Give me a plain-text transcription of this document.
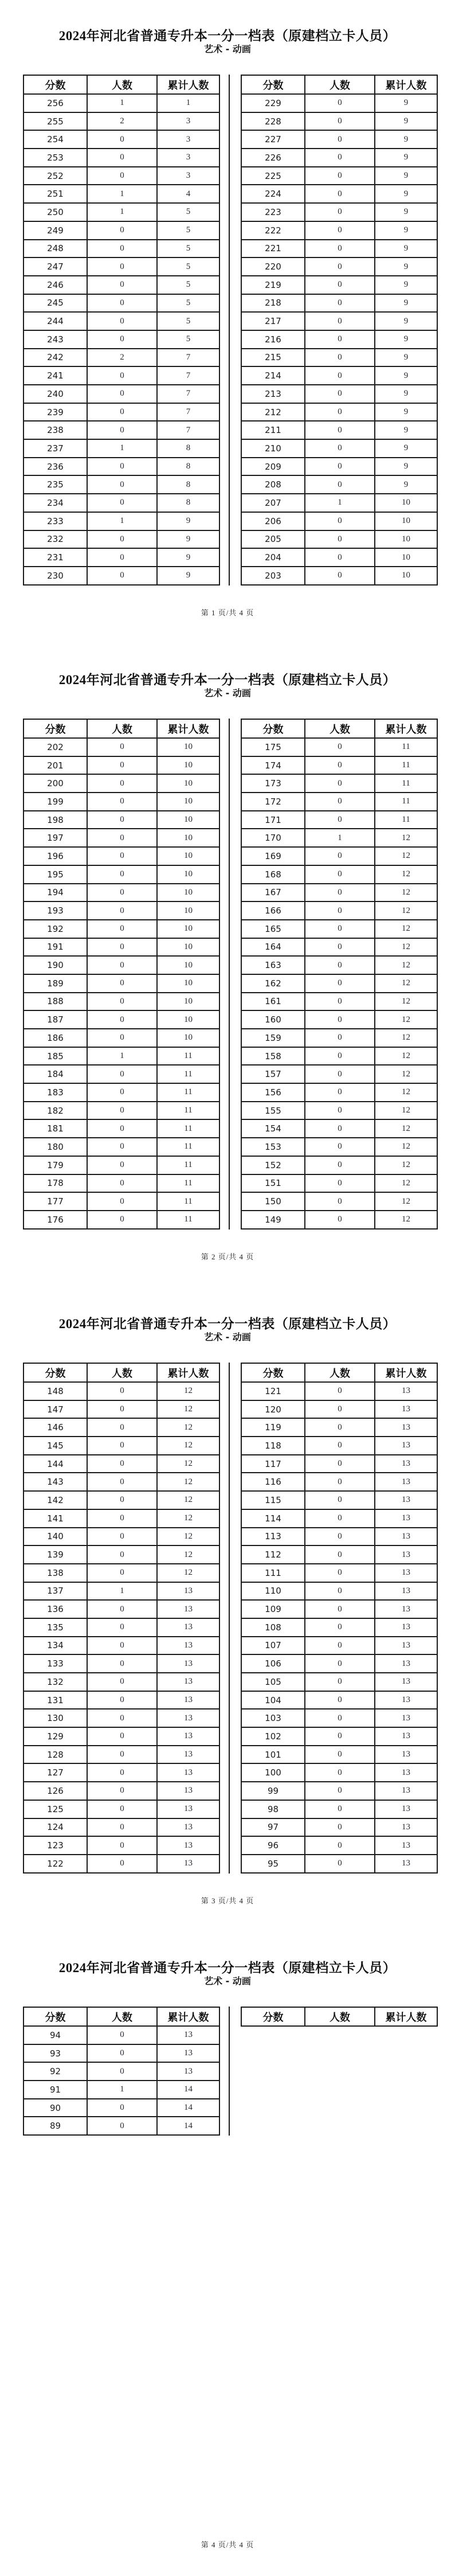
2024年河北省普通专升本一分一档表（原建档立卡人员）
艺术 - 动画
分数	人数	累计人数
256	1	1
255	2	3
254	0	3
253	0	3
252	0	3
251	1	4
250	1	5
249	0	5
248	0	5
247	0	5
246	0	5
245	0	5
244	0	5
243	0	5
242	2	7
241	0	7
240	0	7
239	0	7
238	0	7
237	1	8
236	0	8
235	0	8
234	0	8
233	1	9
232	0	9
231	0	9
230	0	9
分数	人数	累计人数
229	0	9
228	0	9
227	0	9
226	0	9
225	0	9
224	0	9
223	0	9
222	0	9
221	0	9
220	0	9
219	0	9
218	0	9
217	0	9
216	0	9
215	0	9
214	0	9
213	0	9
212	0	9
211	0	9
210	0	9
209	0	9
208	0	9
207	1	10
206	0	10
205	0	10
204	0	10
203	0	10
第 1 页/共 4 页
2024年河北省普通专升本一分一档表（原建档立卡人员）
艺术 - 动画
分数	人数	累计人数
202	0	10
201	0	10
200	0	10
199	0	10
198	0	10
197	0	10
196	0	10
195	0	10
194	0	10
193	0	10
192	0	10
191	0	10
190	0	10
189	0	10
188	0	10
187	0	10
186	0	10
185	1	11
184	0	11
183	0	11
182	0	11
181	0	11
180	0	11
179	0	11
178	0	11
177	0	11
176	0	11
分数	人数	累计人数
175	0	11
174	0	11
173	0	11
172	0	11
171	0	11
170	1	12
169	0	12
168	0	12
167	0	12
166	0	12
165	0	12
164	0	12
163	0	12
162	0	12
161	0	12
160	0	12
159	0	12
158	0	12
157	0	12
156	0	12
155	0	12
154	0	12
153	0	12
152	0	12
151	0	12
150	0	12
149	0	12
第 2 页/共 4 页
2024年河北省普通专升本一分一档表（原建档立卡人员）
艺术 - 动画
分数	人数	累计人数
148	0	12
147	0	12
146	0	12
145	0	12
144	0	12
143	0	12
142	0	12
141	0	12
140	0	12
139	0	12
138	0	12
137	1	13
136	0	13
135	0	13
134	0	13
133	0	13
132	0	13
131	0	13
130	0	13
129	0	13
128	0	13
127	0	13
126	0	13
125	0	13
124	0	13
123	0	13
122	0	13
分数	人数	累计人数
121	0	13
120	0	13
119	0	13
118	0	13
117	0	13
116	0	13
115	0	13
114	0	13
113	0	13
112	0	13
111	0	13
110	0	13
109	0	13
108	0	13
107	0	13
106	0	13
105	0	13
104	0	13
103	0	13
102	0	13
101	0	13
100	0	13
99	0	13
98	0	13
97	0	13
96	0	13
95	0	13
第 3 页/共 4 页
2024年河北省普通专升本一分一档表（原建档立卡人员）
艺术 - 动画
分数	人数	累计人数
94	0	13
93	0	13
92	0	13
91	1	14
90	0	14
89	0	14
分数	人数	累计人数
第 4 页/共 4 页
